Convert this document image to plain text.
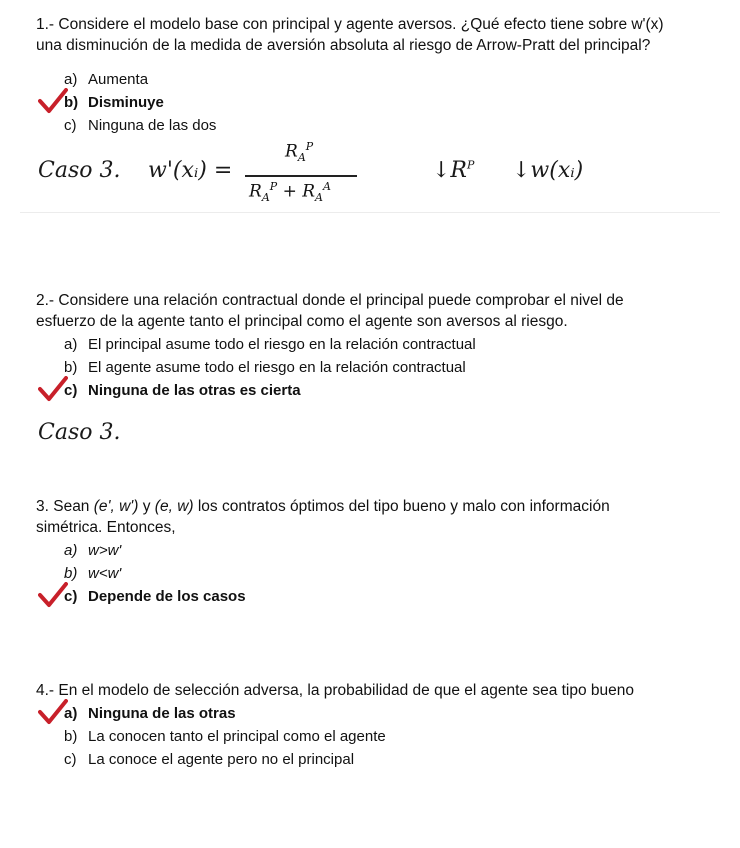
1.- Considere el modelo base con principal y agente aversos. ¿Qué efecto tiene sobre w'(x)
una disminución de la medida de aversión absoluta al riesgo de Arrow-Pratt del principal?
a) Aumenta
b) Disminuye
c) Ninguna de las dos
Caso 3. w'(xᵢ) =
$R_A^P$
$R_A^P + R_A^A$
$↓R^P$ ↓w(xᵢ)
2.- Considere una relación contractual donde el principal puede comprobar el nivel de
esfuerzo de la agente tanto el principal como el agente son aversos al riesgo.
a) El principal asume todo el riesgo en la relación contractual
b) El agente asume todo el riesgo en la relación contractual
c) Ninguna de las otras es cierta
Caso 3.
3. Sean (e', w') y (e, w) los contratos óptimos del tipo bueno y malo con información
simétrica. Entonces,
a) w>w'
b) w<w'
c) Depende de los casos
4.- En el modelo de selección adversa, la probabilidad de que el agente sea tipo bueno
a) Ninguna de las otras
b) La conocen tanto el principal como el agente
c) La conoce el agente pero no el principal
